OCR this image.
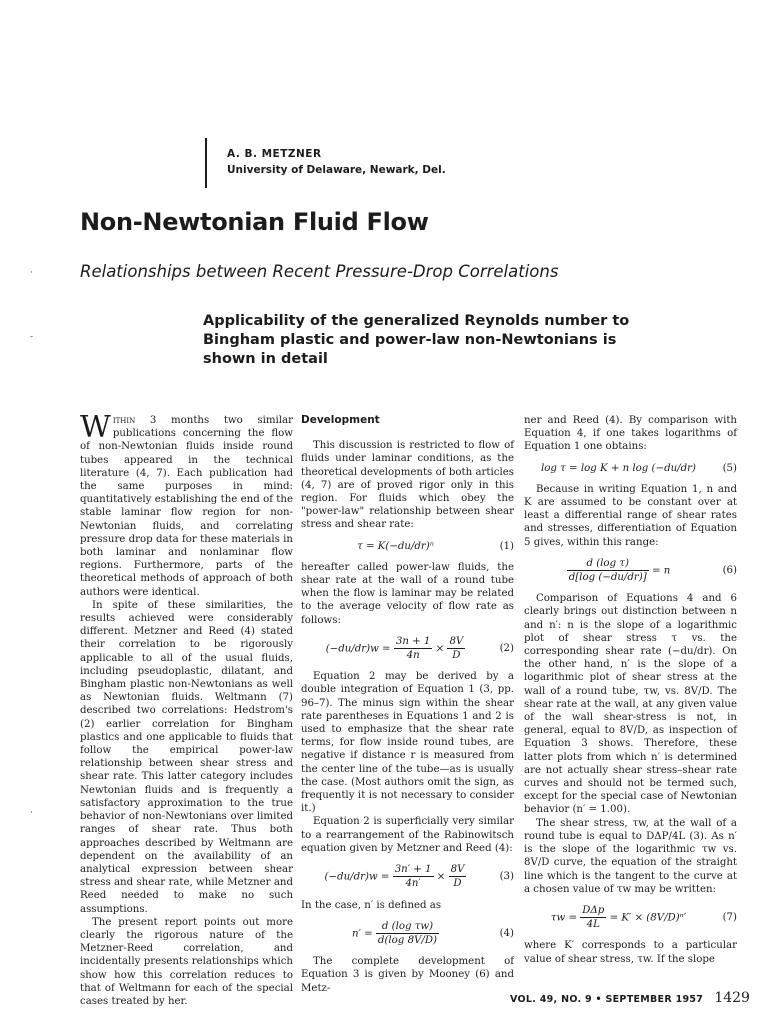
·
-
·
A. B. METZNER
University of Delaware, Newark, Del.
Non-Newtonian Fluid Flow
Relationships between Recent Pressure-Drop Correlations
Applicability of the generalized Reynolds number to Bingham plastic and power-law non-Newtonians is shown in detail

Within 3 months two similar publications concerning the flow of non-Newtonian fluids inside round tubes appeared in the technical literature (4, 7). Each publication had the same purposes in mind: quantitatively establishing the end of the stable laminar flow region for non-Newtonian fluids, and correlating pressure drop data for these materials in both laminar and nonlaminar flow regions. Furthermore, parts of the theoretical methods of approach of both authors were identical.

In spite of these similarities, the results achieved were considerably different. Metzner and Reed (4) stated their correlation to be rigorously applicable to all of the usual fluids, including pseudoplastic, dilatant, and Bingham plastic non-Newtonians as well as Newtonian fluids. Weltmann (7) described two correlations: Hedstrom's (2) earlier correlation for Bingham plastics and one applicable to fluids that follow the empirical power-law relationship between shear stress and shear rate. This latter category includes Newtonian fluids and is frequently a satisfactory approximation to the true behavior of non-Newtonians over limited ranges of shear rate. Thus both approaches described by Weltmann are dependent on the availability of an analytical expression between shear stress and shear rate, while Metzner and Reed needed to make no such assumptions.

The present report points out more clearly the rigorous nature of the Metzner-Reed correlation, and incidentally presents relationships which show how this correlation reduces to that of Weltmann for each of the special cases treated by her.

Development

This discussion is restricted to flow of fluids under laminar conditions, as the theoretical developments of both articles (4, 7) are of proved rigor only in this region. For fluids which obey the "power-law" relationship between shear stress and shear rate:

τ = K(−du/dr)ⁿ	(1)

hereafter called power-law fluids, the shear rate at the wall of a round tube when the flow is laminar may be related to the average velocity of flow rate as follows:

$(-du/dr)w = \frac{3n + 1}{4n} \times \frac{8V}{D}$	(2)

Equation 2 may be derived by a double integration of Equation 1 (3, pp. 96–7). The minus sign within the shear rate parentheses in Equations 1 and 2 is used to emphasize that the shear rate terms, for flow inside round tubes, are negative if distance r is measured from the center line of the tube—as is usually the case. (Most authors omit the sign, as frequently it is not necessary to consider it.)

Equation 2 is superficially very similar to a rearrangement of the Rabinowitsch equation given by Metzner and Reed (4):

$(-du/dr)w = \frac{3n' + 1}{4n'} \times \frac{8V}{D}$	(3)

In the case, n′ is defined as

$n' = \frac{\text{d (log τw)}}{d(\log 8V/D)}$	(4)

The complete development of Equation 3 is given by Mooney (6) and Metz-

ner and Reed (4). By comparison with Equation 4, if one takes logarithms of Equation 1 one obtains:

log τ = log K + n log (−du/dr)	(5)

Because in writing Equation 1, n and K are assumed to be constant over at least a differential range of shear rates and stresses, differentiation of Equation 5 gives, within this range:

$\frac{\text{d (log τ)}}{d[\log (-du/dr)]} = n$	(6)

Comparison of Equations 4 and 6 clearly brings out distinction between n and n′: n is the slope of a logarithmic plot of shear stress τ vs. the corresponding shear rate (−du/dr). On the other hand, n′ is the slope of a logarithmic plot of shear stress at the wall of a round tube, τw, vs. 8V/D. The shear rate at the wall, at any given value of the wall shear-stress is not, in general, equal to 8V/D, as inspection of Equation 3 shows. Therefore, these latter plots from which n′ is determined are not actually shear stress–shear rate curves and should not be termed such, except for the special case of Newtonian behavior (n′ = 1.00).

The shear stress, τw, at the wall of a round tube is equal to DΔP/4L (3). As n′ is the slope of the logarithmic τw vs. 8V/D curve, the equation of the straight line which is the tangent to the curve at a chosen value of τw may be written:

$\tau w = \frac{\text{DΔp}}{4L} = K' \times (8V/D)^n'$	(7)

where K′ corresponds to a particular value of shear stress, τw. If the slope

VOL. 49, NO. 9 • SEPTEMBER 1957 1429
